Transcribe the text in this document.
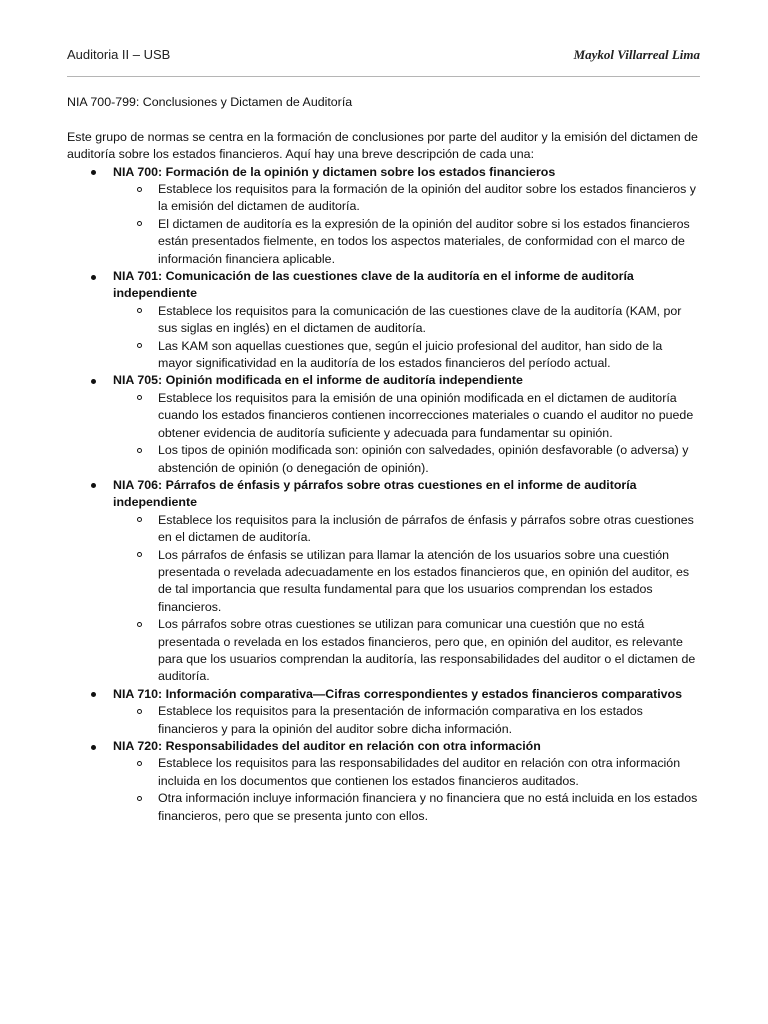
Auditoria II – USB	Maykol Villarreal Lima

NIA 700-799: Conclusiones y Dictamen de Auditoría

Este grupo de normas se centra en la formación de conclusiones por parte del auditor y la emisión del dictamen de auditoría sobre los estados financieros. Aquí hay una breve descripción de cada una:

NIA 700: Formación de la opinión y dictamen sobre los estados financieros
Establece los requisitos para la formación de la opinión del auditor sobre los estados financieros y la emisión del dictamen de auditoría.
El dictamen de auditoría es la expresión de la opinión del auditor sobre si los estados financieros están presentados fielmente, en todos los aspectos materiales, de conformidad con el marco de información financiera aplicable.
NIA 701: Comunicación de las cuestiones clave de la auditoría en el informe de auditoría independiente
Establece los requisitos para la comunicación de las cuestiones clave de la auditoría (KAM, por sus siglas en inglés) en el dictamen de auditoría.
Las KAM son aquellas cuestiones que, según el juicio profesional del auditor, han sido de la mayor significatividad en la auditoría de los estados financieros del período actual.
NIA 705: Opinión modificada en el informe de auditoría independiente
Establece los requisitos para la emisión de una opinión modificada en el dictamen de auditoría cuando los estados financieros contienen incorrecciones materiales o cuando el auditor no puede obtener evidencia de auditoría suficiente y adecuada para fundamentar su opinión.
Los tipos de opinión modificada son: opinión con salvedades, opinión desfavorable (o adversa) y abstención de opinión (o denegación de opinión).
NIA 706: Párrafos de énfasis y párrafos sobre otras cuestiones en el informe de auditoría independiente
Establece los requisitos para la inclusión de párrafos de énfasis y párrafos sobre otras cuestiones en el dictamen de auditoría.
Los párrafos de énfasis se utilizan para llamar la atención de los usuarios sobre una cuestión presentada o revelada adecuadamente en los estados financieros que, en opinión del auditor, es de tal importancia que resulta fundamental para que los usuarios comprendan los estados financieros.
Los párrafos sobre otras cuestiones se utilizan para comunicar una cuestión que no está presentada o revelada en los estados financieros, pero que, en opinión del auditor, es relevante para que los usuarios comprendan la auditoría, las responsabilidades del auditor o el dictamen de auditoría.
NIA 710: Información comparativa—Cifras correspondientes y estados financieros comparativos
Establece los requisitos para la presentación de información comparativa en los estados financieros y para la opinión del auditor sobre dicha información.
NIA 720: Responsabilidades del auditor en relación con otra información
Establece los requisitos para las responsabilidades del auditor en relación con otra información incluida en los documentos que contienen los estados financieros auditados.
Otra información incluye información financiera y no financiera que no está incluida en los estados financieros, pero que se presenta junto con ellos.
